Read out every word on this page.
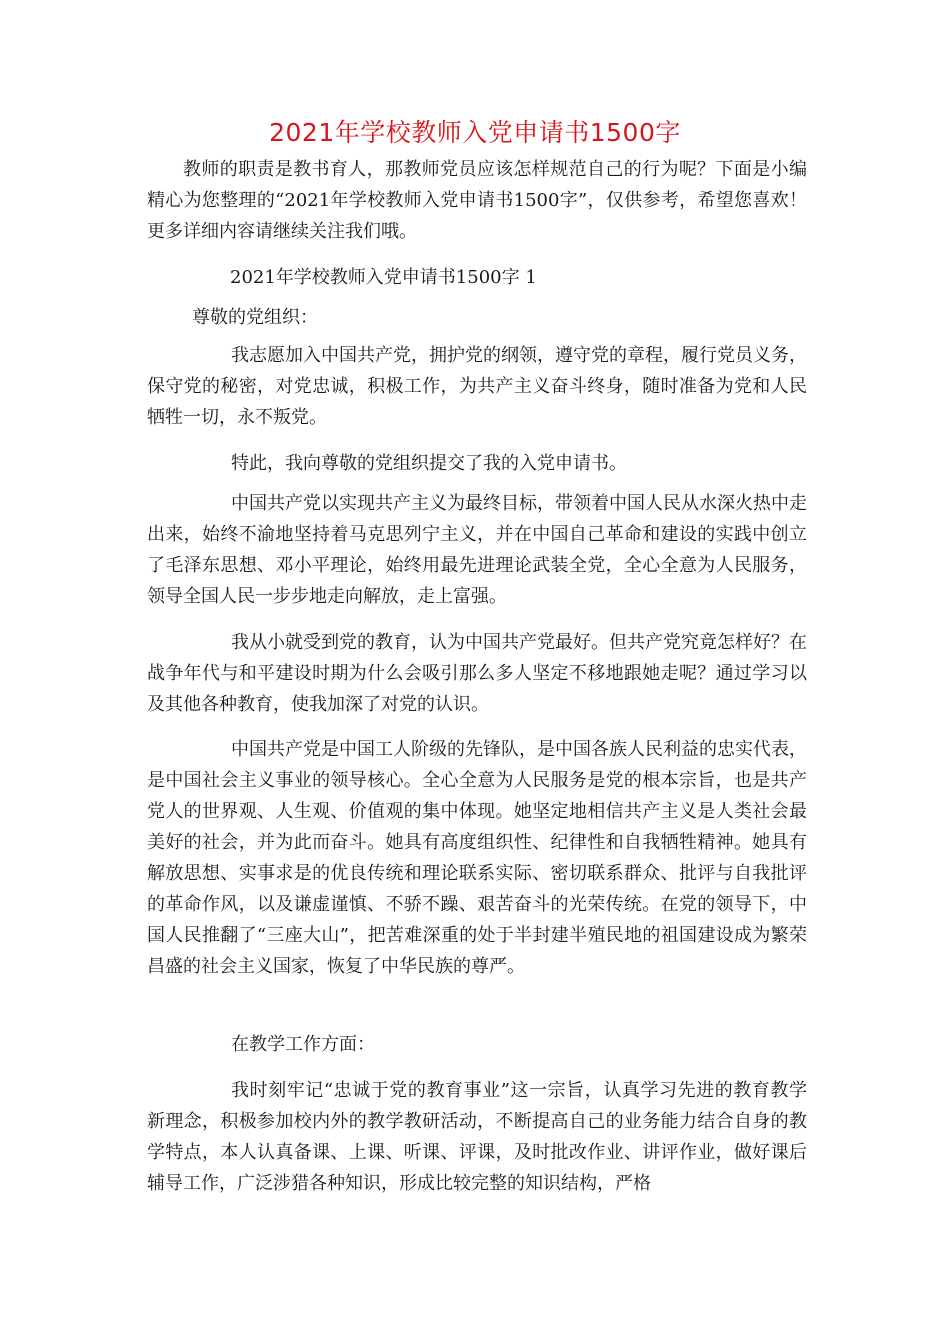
2021年学校教师入党申请书1500字

教师的职责是教书育人，那教师党员应该怎样规范自己的行为呢？下面是小编精心为您整理的“2021年学校教师入党申请书1500字”，仅供参考，希望您喜欢！更多详细内容请继续关注我们哦。

2021年学校教师入党申请书1500字 1

尊敬的党组织：

我志愿加入中国共产党，拥护党的纲领，遵守党的章程，履行党员义务，保守党的秘密，对党忠诚，积极工作，为共产主义奋斗终身，随时准备为党和人民牺牲一切，永不叛党。

特此，我向尊敬的党组织提交了我的入党申请书。

中国共产党以实现共产主义为最终目标，带领着中国人民从水深火热中走出来，始终不渝地坚持着马克思列宁主义，并在中国自己革命和建设的实践中创立了毛泽东思想、邓小平理论，始终用最先进理论武装全党，全心全意为人民服务，领导全国人民一步步地走向解放，走上富强。

我从小就受到党的教育，认为中国共产党最好。但共产党究竟怎样好？在战争年代与和平建设时期为什么会吸引那么多人坚定不移地跟她走呢？通过学习以及其他各种教育，使我加深了对党的认识。

中国共产党是中国工人阶级的先锋队，是中国各族人民利益的忠实代表，是中国社会主义事业的领导核心。全心全意为人民服务是党的根本宗旨，也是共产党人的世界观、人生观、价值观的集中体现。她坚定地相信共产主义是人类社会最美好的社会，并为此而奋斗。她具有高度组织性、纪律性和自我牺牲精神。她具有解放思想、实事求是的优良传统和理论联系实际、密切联系群众、批评与自我批评的革命作风，以及谦虚谨慎、不骄不躁、艰苦奋斗的光荣传统。在党的领导下，中国人民推翻了“三座大山”，把苦难深重的处于半封建半殖民地的祖国建设成为繁荣昌盛的社会主义国家，恢复了中华民族的尊严。

在教学工作方面：

我时刻牢记“忠诚于党的教育事业”这一宗旨，认真学习先进的教育教学新理念，积极参加校内外的教学教研活动，不断提高自己的业务能力结合自身的教学特点，本人认真备课、上课、听课、评课，及时批改作业、讲评作业，做好课后辅导工作，广泛涉猎各种知识，形成比较完整的知识结构，严格
